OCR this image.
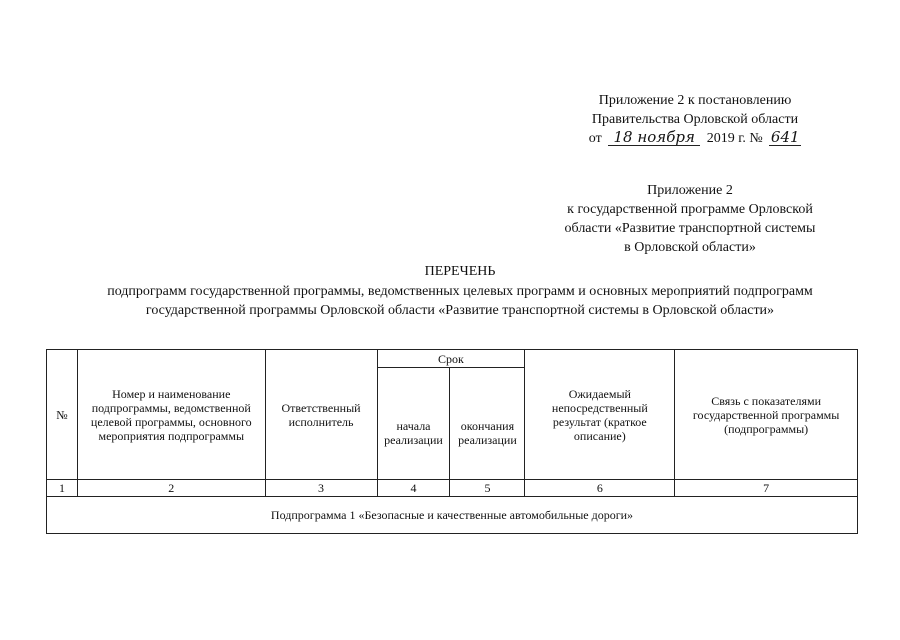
Приложение 2 к постановлению
Правительства Орловской области
от 18 ноября 2019 г. № 641
Приложение 2
к государственной программе Орловской
области «Развитие транспортной системы
в Орловской области»
ПЕРЕЧЕНЬ
подпрограмм государственной программы, ведомственных целевых программ и основных мероприятий подпрограмм
государственной программы Орловской области «Развитие транспортной системы в Орловской области»
№	Номер и наименование подпрограммы, ведомственной целевой программы, основного мероприятия подпрограммы	Ответственный исполнитель	Срок		Ожидаемый непосредственный результат (краткое описание)	Связь с показателями государственной программы (подпрограммы)
			начала реализации	окончания реализации		
1	2	3	4	5	6	7
Подпрограмма 1 «Безопасные и качественные автомобильные дороги»						
